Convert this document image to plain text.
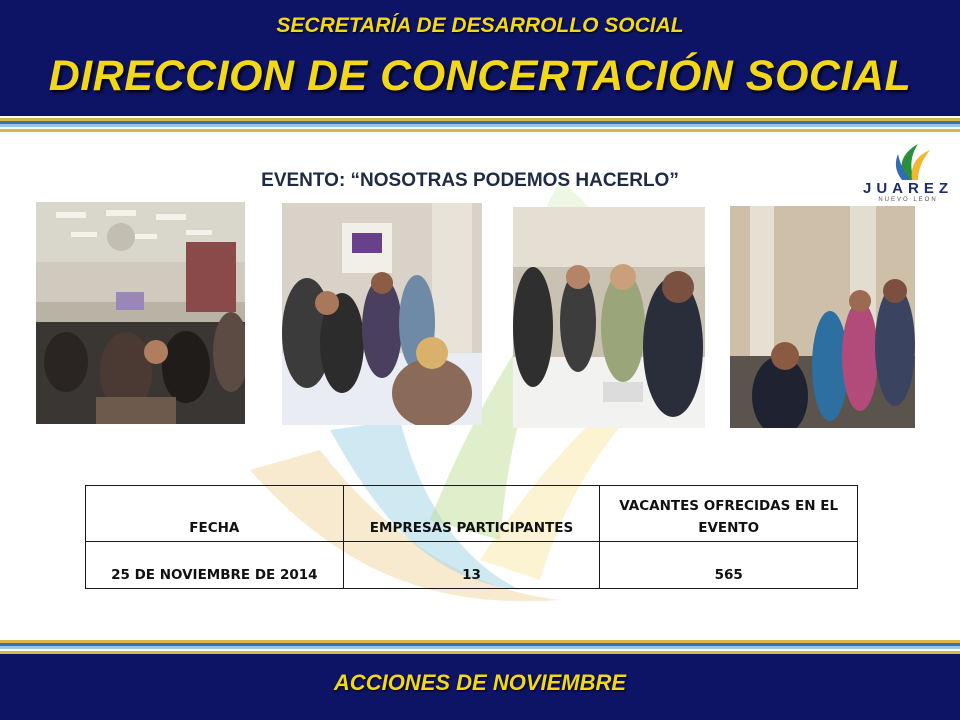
SECRETARÍA DE DESARROLLO SOCIAL
DIRECCION DE CONCERTACIÓN SOCIAL
JUAREZ
NUEVO LEON
EVENTO: “NOSOTRAS PODEMOS HACERLO”
FECHA	EMPRESAS PARTICIPANTES	VACANTES OFRECIDAS EN EL EVENTO
25 DE NOVIEMBRE DE 2014	13	565
ACCIONES DE NOVIEMBRE
